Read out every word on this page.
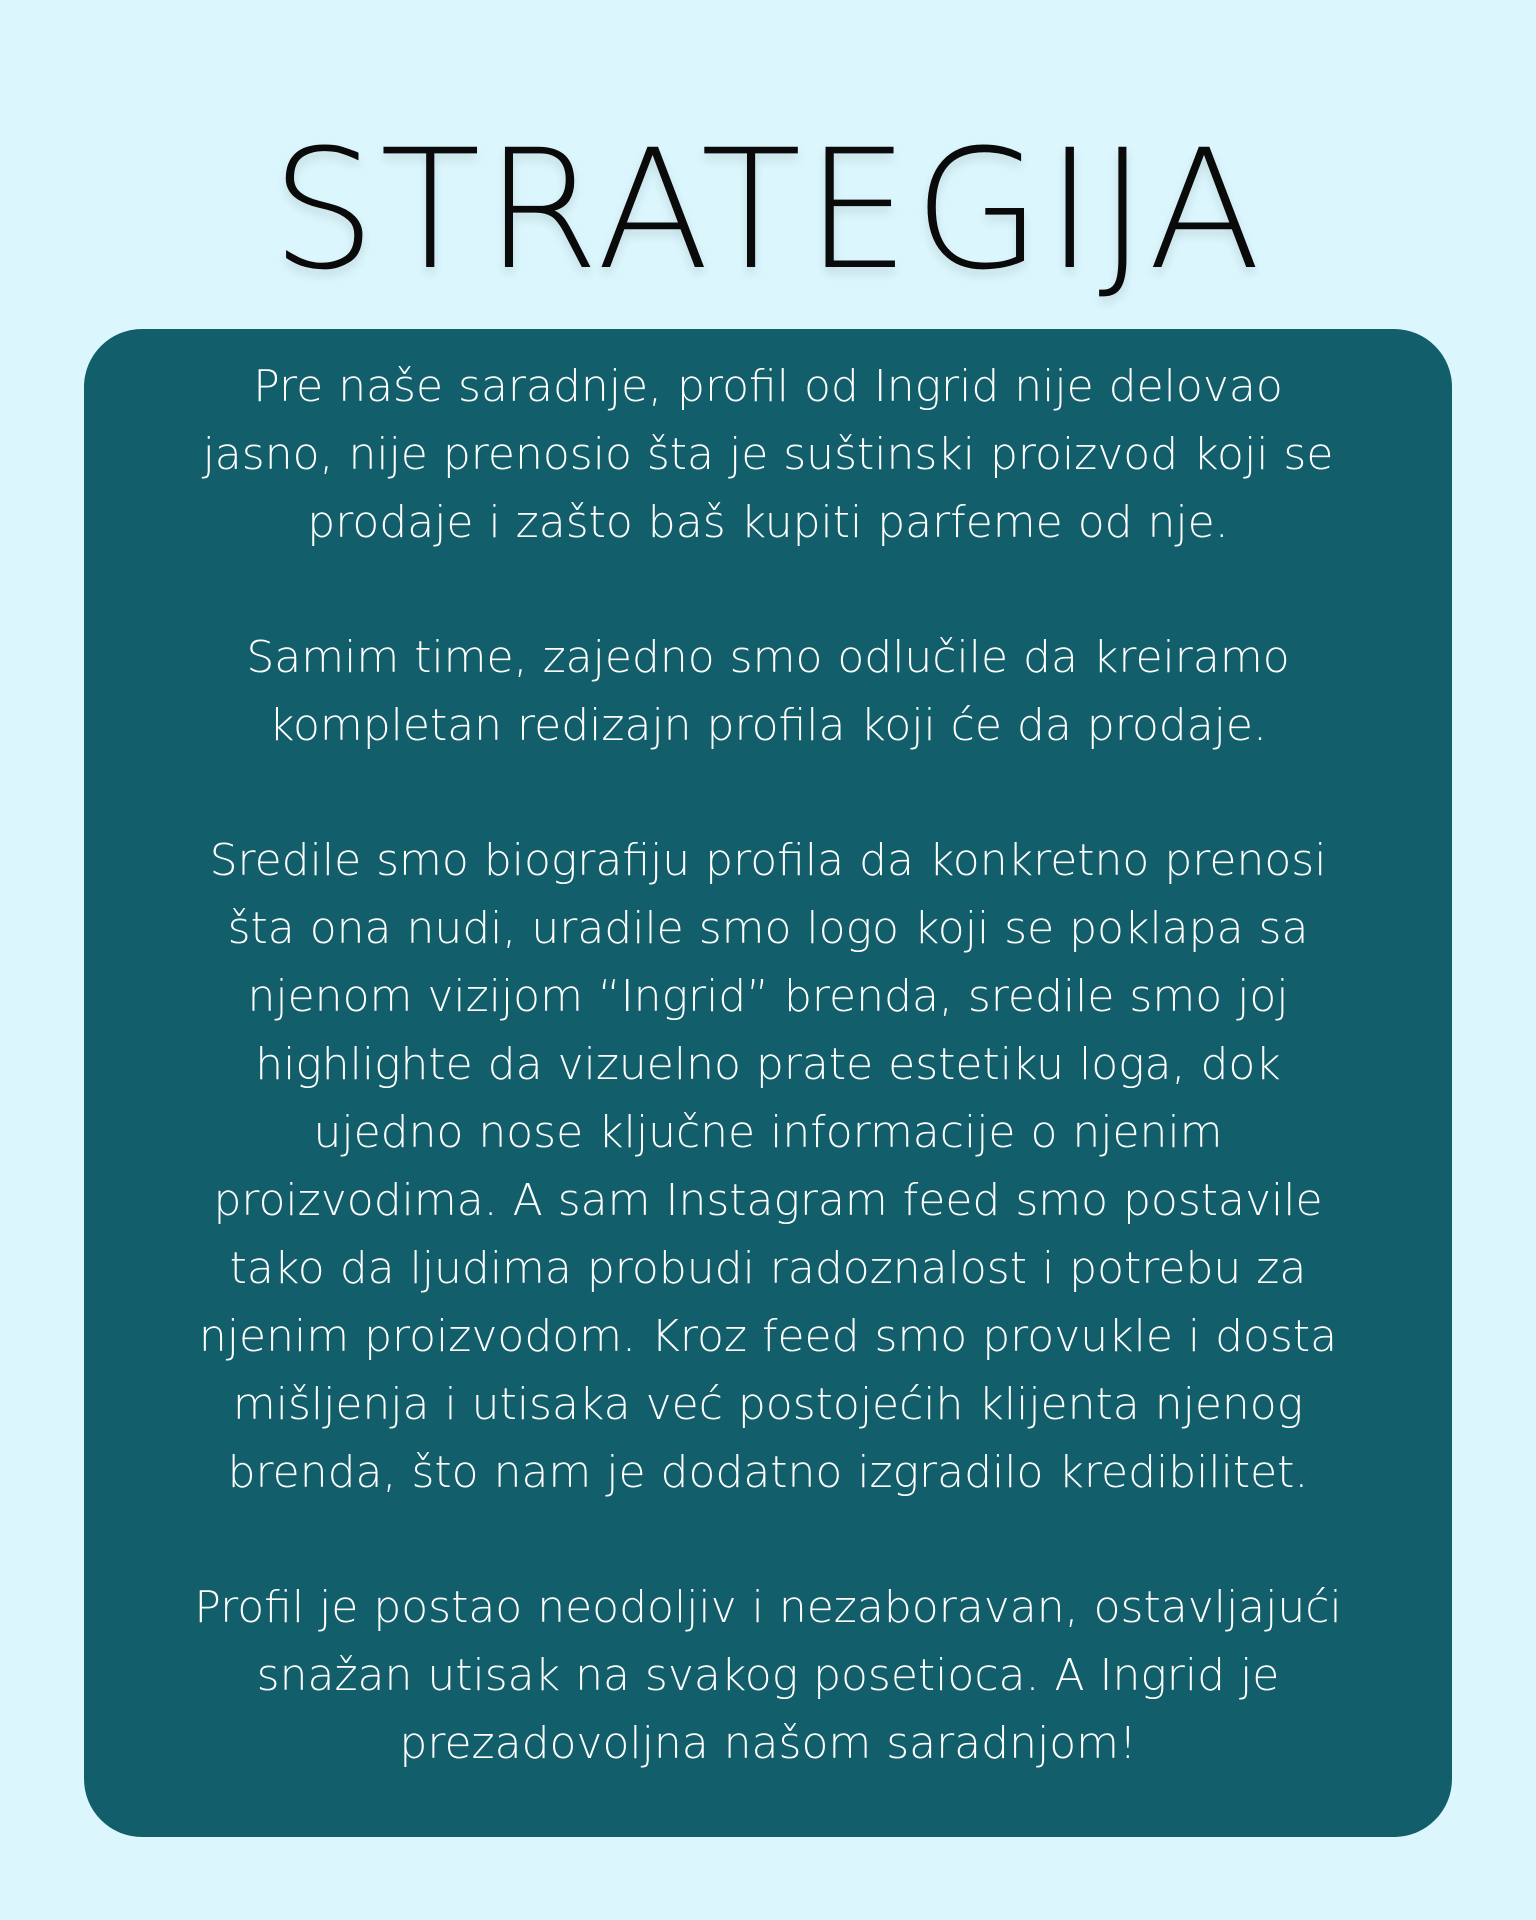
STRATEGIJA

Pre naše saradnje, profil od Ingrid nije delovao
jasno, nije prenosio šta je suštinski proizvod koji se
prodaje i zašto baš kupiti parfeme od nje.

Samim time, zajedno smo odlučile da kreiramo
kompletan redizajn profila koji će da prodaje.

Sredile smo biografiju profila da konkretno prenosi
šta ona nudi, uradile smo logo koji se poklapa sa
njenom vizijom “Ingrid” brenda, sredile smo joj
highlighte da vizuelno prate estetiku loga, dok
ujedno nose ključne informacije o njenim
proizvodima. A sam Instagram feed smo postavile
tako da ljudima probudi radoznalost i potrebu za
njenim proizvodom. Kroz feed smo provukle i dosta
mišljenja i utisaka već postojećih klijenta njenog
brenda, što nam je dodatno izgradilo kredibilitet.

Profil je postao neodoljiv i nezaboravan, ostavljajući
snažan utisak na svakog posetioca. A Ingrid je
prezadovoljna našom saradnjom!
